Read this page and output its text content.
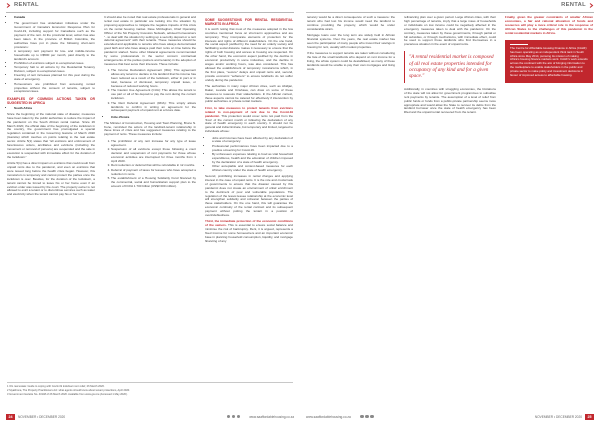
RENTAL
• Canada
• The government has undertaken initiatives under the Government of Canada's Economic Response Plan for Covid-19, including support for Canadians such as the payment of the rent. At the provincial level, action has also been taken. In the province of British Columbia, the authorities have put in place the following short-term provisions:
• A temporary rent payment for low- and middle-income households up to C$500 per month, paid directly to the landlord's account.
• Prohibition of evictions subject to exceptional cases.
• Temporary halt to all actions by the Residential Tenancy Division, subject to exceptional cases.
• Freezing of rent increases planned for this year during the state of emergency.
• Homeowners are prohibited from accessing rented properties without the consent of tenants, subject to exceptional cases.
EXAMPLES OF COMMON ACTIONS TAKEN OR SUGGESTED IN AFRICA
• South Africa

Since the beginning of the national state of disaster, measures have been taken by the public authorities to reduce the impact of the pandemic on the South African rental market. Since 26 March 2020, the official date of the beginning of the lockdown in the country, the government has promulgated a special regulation contained in the Governing Gazette of March 2020 (Gazette) which touches on points relating to the real estate sector. Article 5(1) states that "all evictions and enforcement of foreclosures orders, ancillaries and evictions (including the movement or removal of persons) are suspended and the sale in execution is suspended with immediate effect for the duration of the lockdown."

Article 5(1) has a direct impact on evictions that could result from unpaid rents due to the pandemic, and even on evictions that were issued long before the health crisis began. However, this moratorium is temporary and cannot protect the parties once the lockdown is over. Besides, for the duration of the lockdown, a tenant cannot be forced to leave his or her home even if an eviction order was issued by the court. The property owner is not allowed to evict a tenant or to discontinue services such as water and electricity when the tenant cannot pay his or her rent.

It should also be noted that real estate professionals in general and rental real estate in particular are looking into the situation by proposing approaches to mitigate the negative impacts of this crisis on the rental housing market. Dave McClaghan, Chief Operating Officer of the SA Property Investors Network, advised homeowners "...to deal with the situation by setting up a security deposit or a rent deferral agreement" with their tenants. These measures should be extended and applicable to tenants who have always demonstrated good faith and who have always paid their rents on time before the pandemic started. Some other bilateral agreements recommended by some professionals in the sector concern contractual arrangements of the parties (owners and tenants) in the adoption of measures that best serve their interests. These include:

1. The Income Declaration Agreement (IDA): This agreement allows any tenant to declare to his landlord that his income has been reduced as a result of the lockdown, either in part or in total, because of dismissal, temporary unpaid leave, or because of reduced working hours.
2. The Caution Use Agreement (CUA): This allows the tenant to use part or all of his deposit to pay the rent during the current lockdown.
3. The Rent Deferral Agreement (RDA): This simply allows landlords to confirm in writing an agreement for the subsequent payment of unpaid rent at a future date.
• Côte d'Ivoire

The Minister of Construction, Housing and Town Planning, Bruno N. Kone, reminded the actors of the landlord-tenant relationship in these times of crisis and has suggested measures relating to the payment of rents. These measures include:

1. The prohibition of any rent increase for any type of lease agreement.
2. Suspension of all evictions except those following a court decision and suspension of rent payments for those whose economic activities are interrupted for three months from 1 April 2020.
3. Rent reduction or deferral that will be refundable in 12 months.
4. Deferral of payment of taxes for lessees who have accepted a reduction in rents.
5. The establishment of a Housing Solidarity Fund financed by the commercial, social and humanitarian support plan to the amount of FCFA 1 700 billion (US$3 000 million).
SOME SUGGESTIONS FOR RENTAL RESIDENTIAL MARKETS IN AFRICA

It is worth noting that most of the measures adopted in the few countries mentioned focus on short-term approaches and are temporary. They incorporate elements of protection for the interests and rights of different stakeholders. On the one hand, the social aspect justified by the need for an orderly society and facilitating social distance makes it necessary to ensure that the rights of both housing and access to housing are respected. On the other hand, the economic aspect justified by the decline in economic productivity in some industries, and the decline in wages and/or working hours, was also considered. This has allowed the establishment of temporary moratoriums which, in the first place, "secure" delays and unpaid rents and, second, provide economic "softeners" to ensure landlords do not suffer unduly during the pandemic.

The authorities in many major African cities, such as Abidjan, Dakar, Luanda and Kinshasa, can draw on some of these measures to reassure their stakeholders. In the African context, these aspects cannot be catered for effectively if intervention by public authorities or private rental markets.

First, to take measures to protect tenants from evictions related to non-payment of rent due to the Covid-19 pandemic. This protection would cover rents not paid from the 'frost' of the current month or following the declaration of any state of health emergency in each country. It should not be general and indiscriminate, but temporary and limited, targeted to individuals whose:

• Jobs and incomes have been affected by any declaration of a state of emergency.
• Professional performances have been impacted due to a positive screening for Covid-19.
• By unforeseen expenses relating to food as vital household expenditures, health and the education of children imposed by the declaration of a state of health emergency.
• Other acceptable and context-based measures for each African country under the state of health emergency.

Second, prohibiting increases in rental charges and applying interest in the case of unpaid rents. It is the role and crucial task of governments to ensure that the disaster caused by this pandemic does not create an environment of unfair enrichment to the detriment of poor and vulnerable populations. The regulation of the lessor-lessee relationship at the economic level will strengthen solidarity and cohesion between the parties of these stakeholders. On the one hand, this will guarantee the economic continuity of the rental contract and its subsequent payment without putting the tenant in a position of overindebtedness.

Third, the immediate protection of the economic conditions of the owners. This is essential to ensure social balance and minimise the risk of bankruptcy. Rent, it is argued, represents a fixed income for some homeowners and an important economic base in planning household consumption, liquidity, and mortgage financing of any

1 IOL real estate: Guide to coping with Covid-19 lockdown rent relief, 26 March 2020.
2 Siyakhona, The Property Practitioners Act: what agents should know about tenant protections, April 2020.
3 Government Gazette No. 43148 of 26 March 2020. Available from www.gov.za (Accessed 1 May 2020).
24	NOVEMBER • DECEMBER 2020	www.saaffordablehousing.co.za
RENTAL

tenancy would be a direct consequence of such a measure: the tenant who had lost his income would need the landlord to continue providing the property, which would be under considerable strain.

Mortgage loans over the long term are widely held in African financial systems. Over the years, the real estate market has seen the participation of many people who invest their savings in housing for rent, usually with modest properties.

If the measures to support tenants are taken without considering the fate of the small landlords who depend on rent income for a living, the whole system could be destabilised, as many of these landlords would be unable to pay their own mortgages and living costs.

refinancing plan over a given period. Large African cities, with their high percentage of tenants, imply that a large mass of households or individuals on low income could be negatively affected in the emergency measures taken to deal with the pandemic. On the contrary, measures taken by these governments, through partial or full subsidies, or through mechanisms, with immediate effect, could be used to support those landlords who find themselves in a precarious situation in the event of unpaid rents.

"A rental residential market is composed of all real estate properties intended for occupancy of any kind and for a given space."

Additionally, in countries with struggling economies, the limitations of the state will not allow for government programmes to subsidise rent payments by tenants. The assumption of a level of relief from public funds or funds from a public-private partnership seems more appropriate and would allow the State to recover its debts from the landlord borrower once the state of health emergency has been lifted and the unpaid rental recovered from the tenant.

Finally, given the greater constraints of smaller African economies, a fair and rational allocation of funds and resources will play a more critical role in the response of African States to the challenges of this pandemic in the rental residential markets in Africa.

The Centre for Affordable Housing Finance in Africa (CAHF) has been operating as an independent think tank in South Africa since May 2014, pursuing its mission of making Africa's housing finance markets work. CAHF's work extends across the continent with the aim of bringing information to the marketplace to enable stakeholders in the public and private sector to make policy and investment decisions in favour of improved access to affordable housing.

www.saaffordablehousing.co.za	NOVEMBER • DECEMBER 2020	25
